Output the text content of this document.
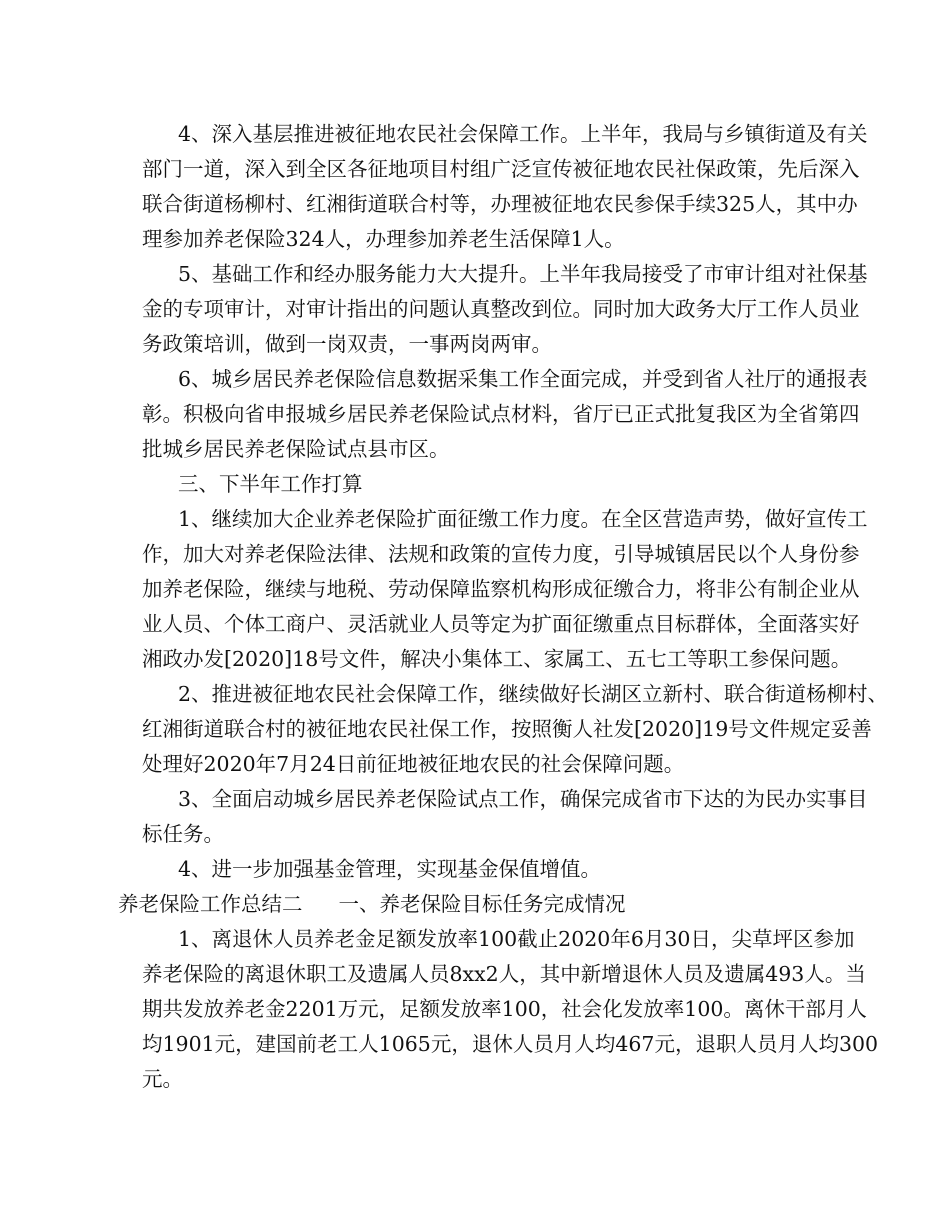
4、深入基层推进被征地农民社会保障工作。上半年，我局与乡镇街道及有关
部门一道，深入到全区各征地项目村组广泛宣传被征地农民社保政策，先后深入
联合街道杨柳村、红湘街道联合村等，办理被征地农民参保手续325人，其中办
理参加养老保险324人，办理参加养老生活保障1人。
5、基础工作和经办服务能力大大提升。上半年我局接受了市审计组对社保基
金的专项审计，对审计指出的问题认真整改到位。同时加大政务大厅工作人员业
务政策培训，做到一岗双责，一事两岗两审。
6、城乡居民养老保险信息数据采集工作全面完成，并受到省人社厅的通报表
彰。积极向省申报城乡居民养老保险试点材料，省厅已正式批复我区为全省第四
批城乡居民养老保险试点县市区。
三、下半年工作打算
1、继续加大企业养老保险扩面征缴工作力度。在全区营造声势，做好宣传工
作，加大对养老保险法律、法规和政策的宣传力度，引导城镇居民以个人身份参
加养老保险，继续与地税、劳动保障监察机构形成征缴合力，将非公有制企业从
业人员、个体工商户、灵活就业人员等定为扩面征缴重点目标群体，全面落实好
湘政办发[2020]18号文件，解决小集体工、家属工、五七工等职工参保问题。
2、推进被征地农民社会保障工作，继续做好长湖区立新村、联合街道杨柳村、
红湘街道联合村的被征地农民社保工作，按照衡人社发[2020]19号文件规定妥善
处理好2020年7月24日前征地被征地农民的社会保障问题。
3、全面启动城乡居民养老保险试点工作，确保完成省市下达的为民办实事目
标任务。
4、进一步加强基金管理，实现基金保值增值。
养老保险工作总结二 一、养老保险目标任务完成情况
1、离退休人员养老金足额发放率100截止2020年6月30日，尖草坪区参加
养老保险的离退休职工及遗属人员8xx2人，其中新增退休人员及遗属493人。当
期共发放养老金2201万元，足额发放率100，社会化发放率100。离休干部月人
均1901元，建国前老工人1065元，退休人员月人均467元，退职人员月人均300
元。
